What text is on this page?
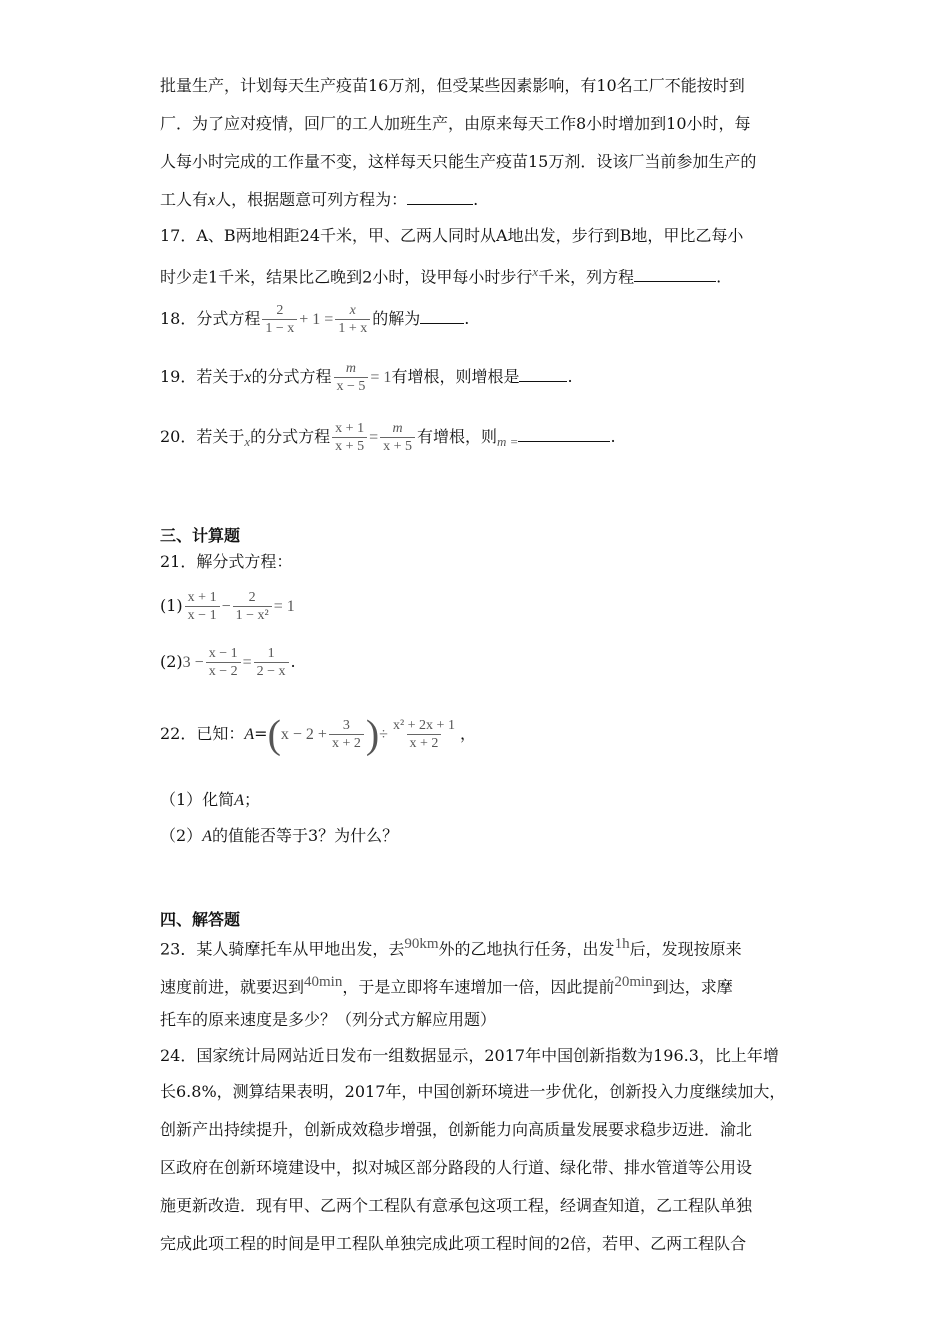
批量生产，计划每天生产疫苗16万剂，但受某些因素影响，有10名工厂不能按时到
厂．为了应对疫情，回厂的工人加班生产，由原来每天工作8小时增加到10小时，每
人每小时完成的工作量不变，这样每天只能生产疫苗15万剂．设该厂当前参加生产的
工人有x人，根据题意可列方程为：	.
17．A、B两地相距24千米，甲、乙两人同时从A地出发，步行到B地，甲比乙每小
时少走1千米，结果比乙晚到2小时，设甲每小时步行$^x$千米，列方程	.
18．分式方程 $\frac{2}{1 - x} + 1 = \frac{x}{1 + x}$ 的解为	.
19．若关于x的分式方程 $\frac{m}{x - 5} = 1$有增根，则增根是	.
20．若关于$_x$的分式方程 $\frac{x + 1}{x + 5} = \frac{m}{x + 5}$ 有增根，则$_{m =}$	.
三、计算题
21．解分式方程：
$(1) \frac{x + 1}{x - 1} - \frac{2}{\text{1 − x²}} = 1$
$(2)3 - \frac{x - 1}{x - 2} = \frac{1}{2 - x}$ .
22．已知：$A=(x - 2 + \frac{3}{x + 2}$ )÷ $\frac{\text{x² + 2x + 1}}{x + 2}$ ，
（1）化简A；
（2）A的值能否等于3？为什么？
四、解答题
23．某人骑摩托车从甲地出发，去90km外的乙地执行任务，出发1h后，发现按原来
速度前进，就要迟到40min，于是立即将车速增加一倍，因此提前20min到达，求摩
托车的原来速度是多少？（列分式方解应用题）
24．国家统计局网站近日发布一组数据显示，2017年中国创新指数为196.3，比上年增
长6.8%，测算结果表明，2017年，中国创新环境进一步优化，创新投入力度继续加大，
创新产出持续提升，创新成效稳步增强，创新能力向高质量发展要求稳步迈进．渝北
区政府在创新环境建设中，拟对城区部分路段的人行道、绿化带、排水管道等公用设
施更新改造．现有甲、乙两个工程队有意承包这项工程，经调查知道，乙工程队单独
完成此项工程的时间是甲工程队单独完成此项工程时间的2倍，若甲、乙两工程队合
